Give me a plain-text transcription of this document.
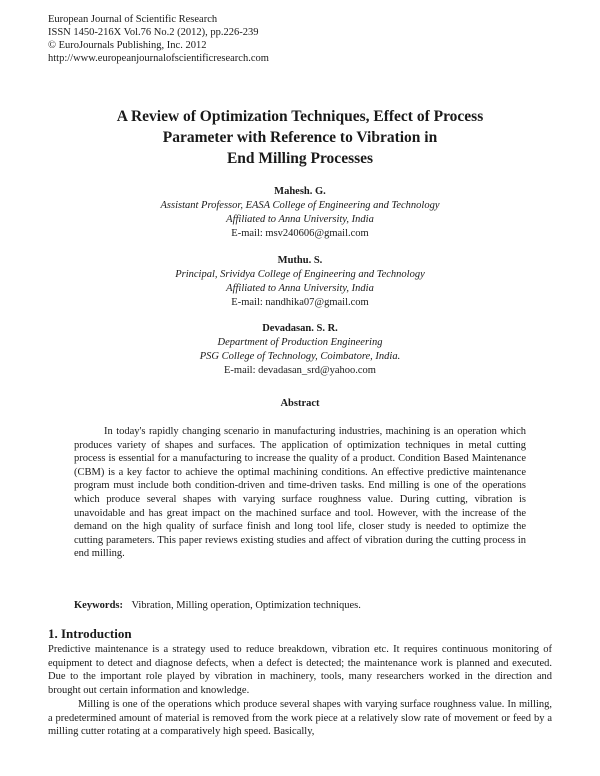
European Journal of Scientific Research
ISSN 1450-216X Vol.76 No.2 (2012), pp.226-239
© EuroJournals Publishing, Inc. 2012
http://www.europeanjournalofscientificresearch.com
A Review of Optimization Techniques, Effect of Process
Parameter with Reference to Vibration in
End Milling Processes
Mahesh. G.
Assistant Professor, EASA College of Engineering and Technology
Affiliated to Anna University, India
E-mail: msv240606@gmail.com
Muthu. S.
Principal, Srividya College of Engineering and Technology
Affiliated to Anna University, India
E-mail: nandhika07@gmail.com
Devadasan. S. R.
Department of Production Engineering
PSG College of Technology, Coimbatore, India.
E-mail: devadasan_srd@yahoo.com
Abstract
In today's rapidly changing scenario in manufacturing industries, machining is an operation which produces variety of shapes and surfaces. The application of optimization techniques in metal cutting process is essential for a manufacturing to increase the quality of a product. Condition Based Maintenance (CBM) is a key factor to achieve the optimal machining conditions. An effective predictive maintenance program must include both condition-driven and time-driven tasks. End milling is one of the operations which produce several shapes with varying surface roughness value. During cutting, vibration is unavoidable and has great impact on the machined surface and tool. However, with the increase of the demand on the high quality of surface finish and long tool life, closer study is needed to optimize the cutting parameters. This paper reviews existing studies and affect of vibration during the cutting process in end milling.
Keywords: Vibration, Milling operation, Optimization techniques.
1. Introduction
Predictive maintenance is a strategy used to reduce breakdown, vibration etc. It requires continuous monitoring of equipment to detect and diagnose defects, when a defect is detected; the maintenance work is planned and executed. Due to the important role played by vibration in machinery, tools, many researchers worked in the direction and brought out certain information and knowledge.
Milling is one of the operations which produce several shapes with varying surface roughness value. In milling, a predetermined amount of material is removed from the work piece at a relatively slow rate of movement or feed by a milling cutter rotating at a comparatively high speed. Basically,
